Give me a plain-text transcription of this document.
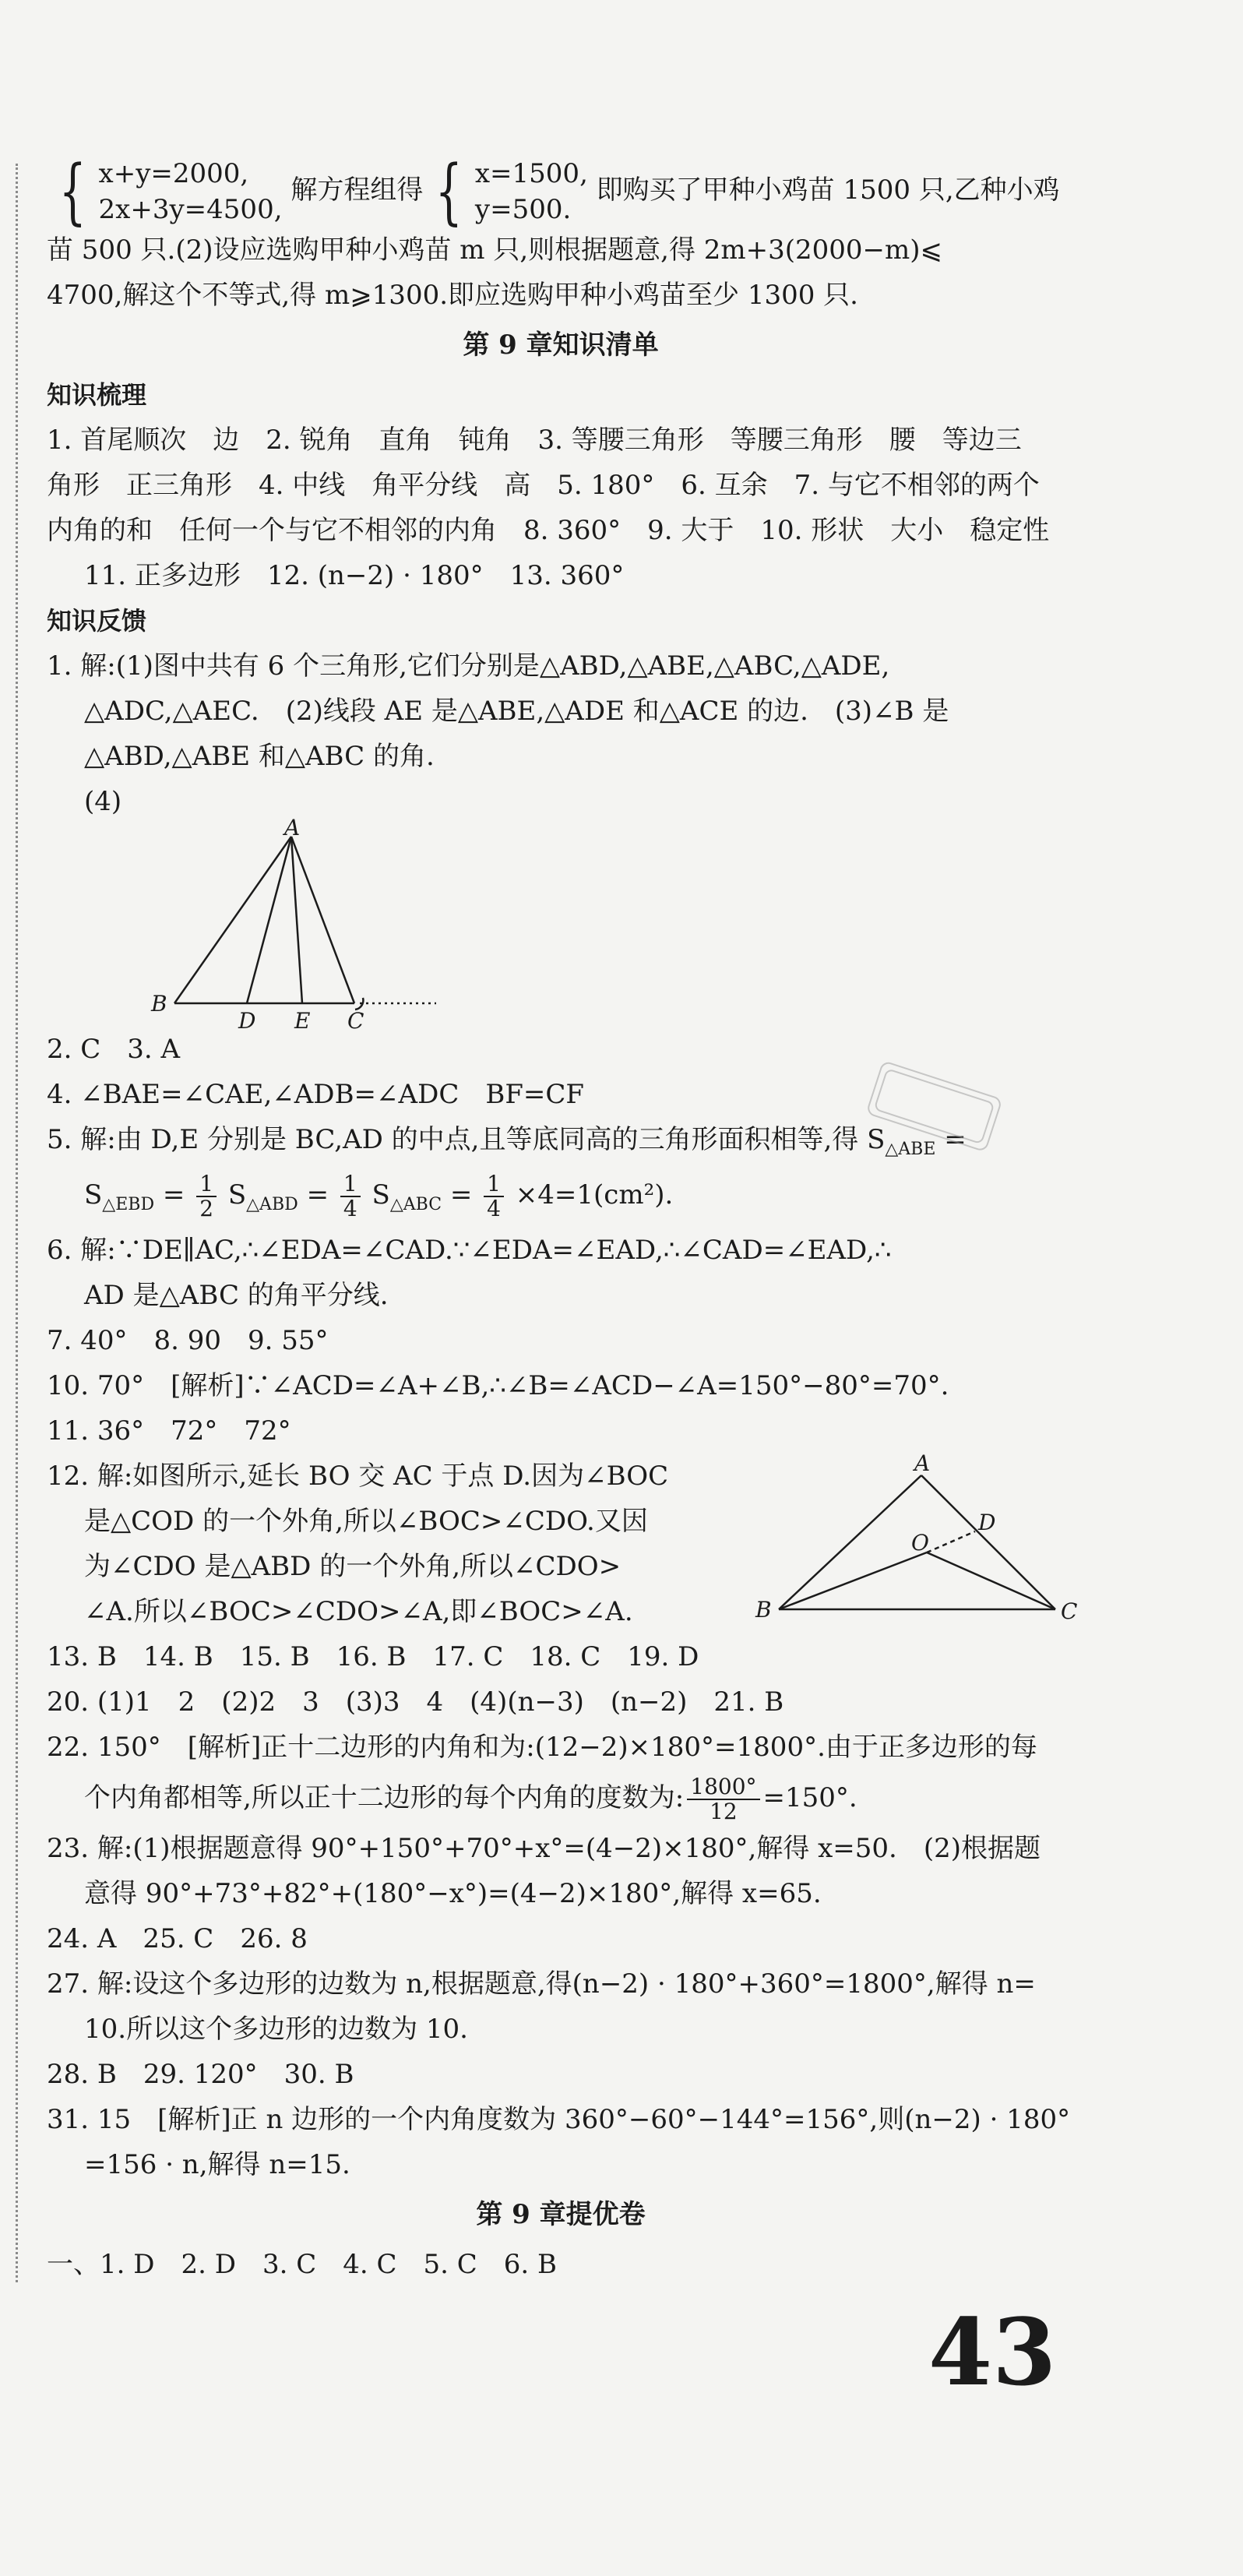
{ x+y=2000,
2x+3y=4500,
解方程组得 { x=1500,
y=500.
即购买了甲种小鸡苗 1500 只,乙种小鸡
苗 500 只.(2)设应选购甲种小鸡苗 m 只,则根据题意,得 2m+3(2000−m)⩽
4700,解这个不等式,得 m⩾1300.即应选购甲种小鸡苗至少 1300 只.
第 9 章知识清单
知识梳理
1. 首尾顺次　边　2. 锐角　直角　钝角　3. 等腰三角形　等腰三角形　腰　等边三
角形　正三角形　4. 中线　角平分线　高　5. 180°　6. 互余　7. 与它不相邻的两个
内角的和　任何一个与它不相邻的内角　8. 360°　9. 大于　10. 形状　大小　稳定性
11. 正多边形　12. (n−2) · 180°　13. 360°
知识反馈
1. 解:(1)图中共有 6 个三角形,它们分别是△ABD,△ABE,△ABC,△ADE,
△ADC,△AEC.　(2)线段 AE 是△ABE,△ADE 和△ACE 的边.　(3)∠B 是
△ABD,△ABE 和△ABC 的角.
(4)
A
B
D E C
2. C　3. A
4. ∠BAE=∠CAE,∠ADB=∠ADC　BF=CF
5. 解:由 D,E 分别是 BC,AD 的中点,且等底同高的三角形面积相等,得 $S_{\triangle ABE}$ =
$S_{\triangle EBD} = \frac{1}{2} S_{\triangle ABD} = \frac{1}{4} S_{\triangle ABC} = \frac{1}{4} \times 4=1(cm^2)$.
6. 解:∵DE∥AC,∴∠EDA=∠CAD.∵∠EDA=∠EAD,∴∠CAD=∠EAD,∴
AD 是△ABC 的角平分线.
7. 40°　8. 90　9. 55°
10. 70°　[解析]∵∠ACD=∠A+∠B,∴∠B=∠ACD−∠A=150°−80°=70°.
11. 36°　72°　72°
12. 解:如图所示,延长 BO 交 AC 于点 D.因为∠BOC
是△COD 的一个外角,所以∠BOC>∠CDO.又因
为∠CDO 是△ABD 的一个外角,所以∠CDO>
∠A.所以∠BOC>∠CDO>∠A,即∠BOC>∠A.
A
B	C
D
O
13. B　14. B　15. B　16. B　17. C　18. C　19. D
20. (1)1　2　(2)2　3　(3)3　4　(4)(n−3)　(n−2)　21. B
22. 150°　[解析]正十二边形的内角和为:(12−2)×180°=1800°.由于正多边形的每
个内角都相等,所以正十二边形的每个内角的度数为: $\frac{1800^\circ}{12} =150^\circ$.
23. 解:(1)根据题意得 90°+150°+70°+x°=(4−2)×180°,解得 x=50.　(2)根据题
意得 90°+73°+82°+(180°−x°)=(4−2)×180°,解得 x=65.
24. A　25. C　26. 8
27. 解:设这个多边形的边数为 n,根据题意,得(n−2) · 180°+360°=1800°,解得 n=
10.所以这个多边形的边数为 10.
28. B　29. 120°　30. B
31. 15　[解析]正 n 边形的一个内角度数为 360°−60°−144°=156°,则(n−2) · 180°
=156 · n,解得 n=15.
第 9 章提优卷
一、1. D　2. D　3. C　4. C　5. C　6. B
43
